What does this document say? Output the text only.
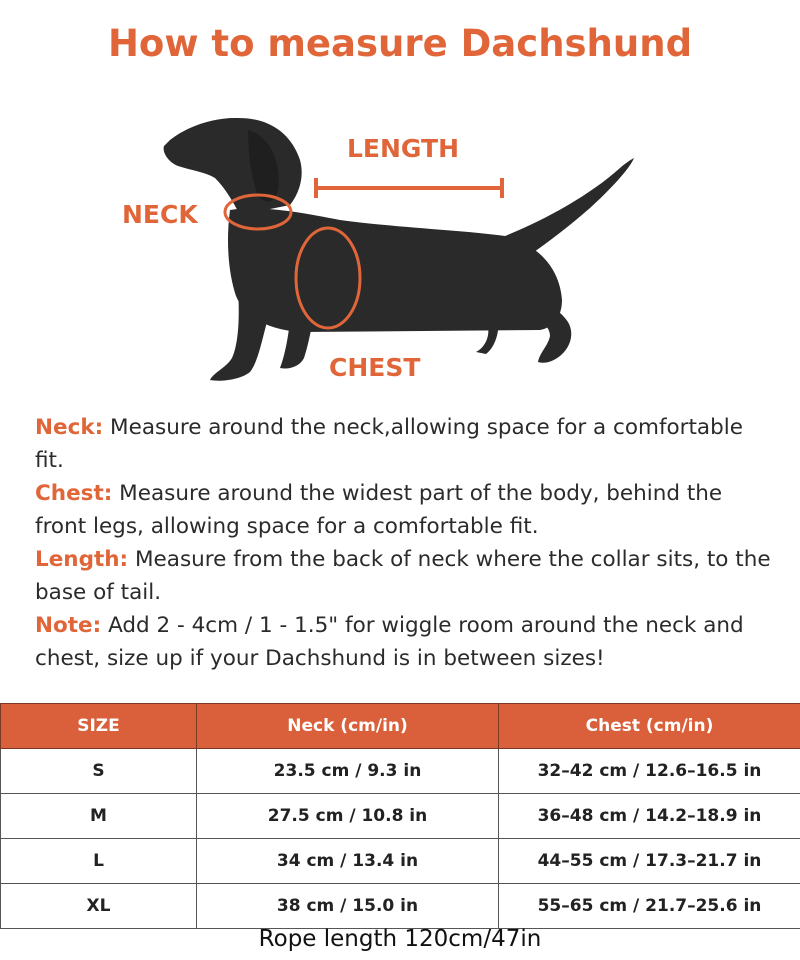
How to measure Dachshund
LENGTH
NECK
CHEST

Neck: Measure around the neck,allowing space for a comfortable fit.

Chest: Measure around the widest part of the body, behind the front legs, allowing space for a comfortable fit.

Length: Measure from the back of neck where the collar sits, to the base of tail.

Note: Add 2 - 4cm / 1 - 1.5" for wiggle room around the neck and chest, size up if your Dachshund is in between sizes!

SIZE	Neck (cm/in)	Chest (cm/in)
S	23.5 cm / 9.3 in	32–42 cm / 12.6–16.5 in
M	27.5 cm / 10.8 in	36–48 cm / 14.2–18.9 in
L	34 cm / 13.4 in	44–55 cm / 17.3–21.7 in
XL	38 cm / 15.0 in	55–65 cm / 21.7–25.6 in
Rope length 120cm/47in
